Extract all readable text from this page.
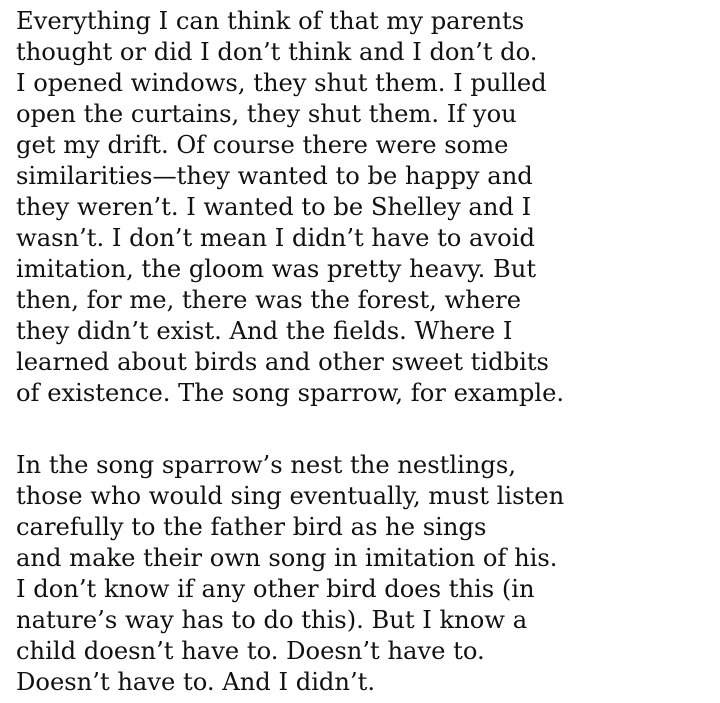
Everything I can think of that my parents
thought or did I don’t think and I don’t do.
I opened windows, they shut them. I pulled
open the curtains, they shut them. If you
get my drift. Of course there were some
similarities—they wanted to be happy and
they weren’t. I wanted to be Shelley and I
wasn’t. I don’t mean I didn’t have to avoid
imitation, the gloom was pretty heavy. But
then, for me, there was the forest, where
they didn’t exist. And the fields. Where I
learned about birds and other sweet tidbits
of existence. The song sparrow, for example.

In the song sparrow’s nest the nestlings,
those who would sing eventually, must listen
carefully to the father bird as he sings
and make their own song in imitation of his.
I don’t know if any other bird does this (in
nature’s way has to do this). But I know a
child doesn’t have to. Doesn’t have to.
Doesn’t have to. And I didn’t.
